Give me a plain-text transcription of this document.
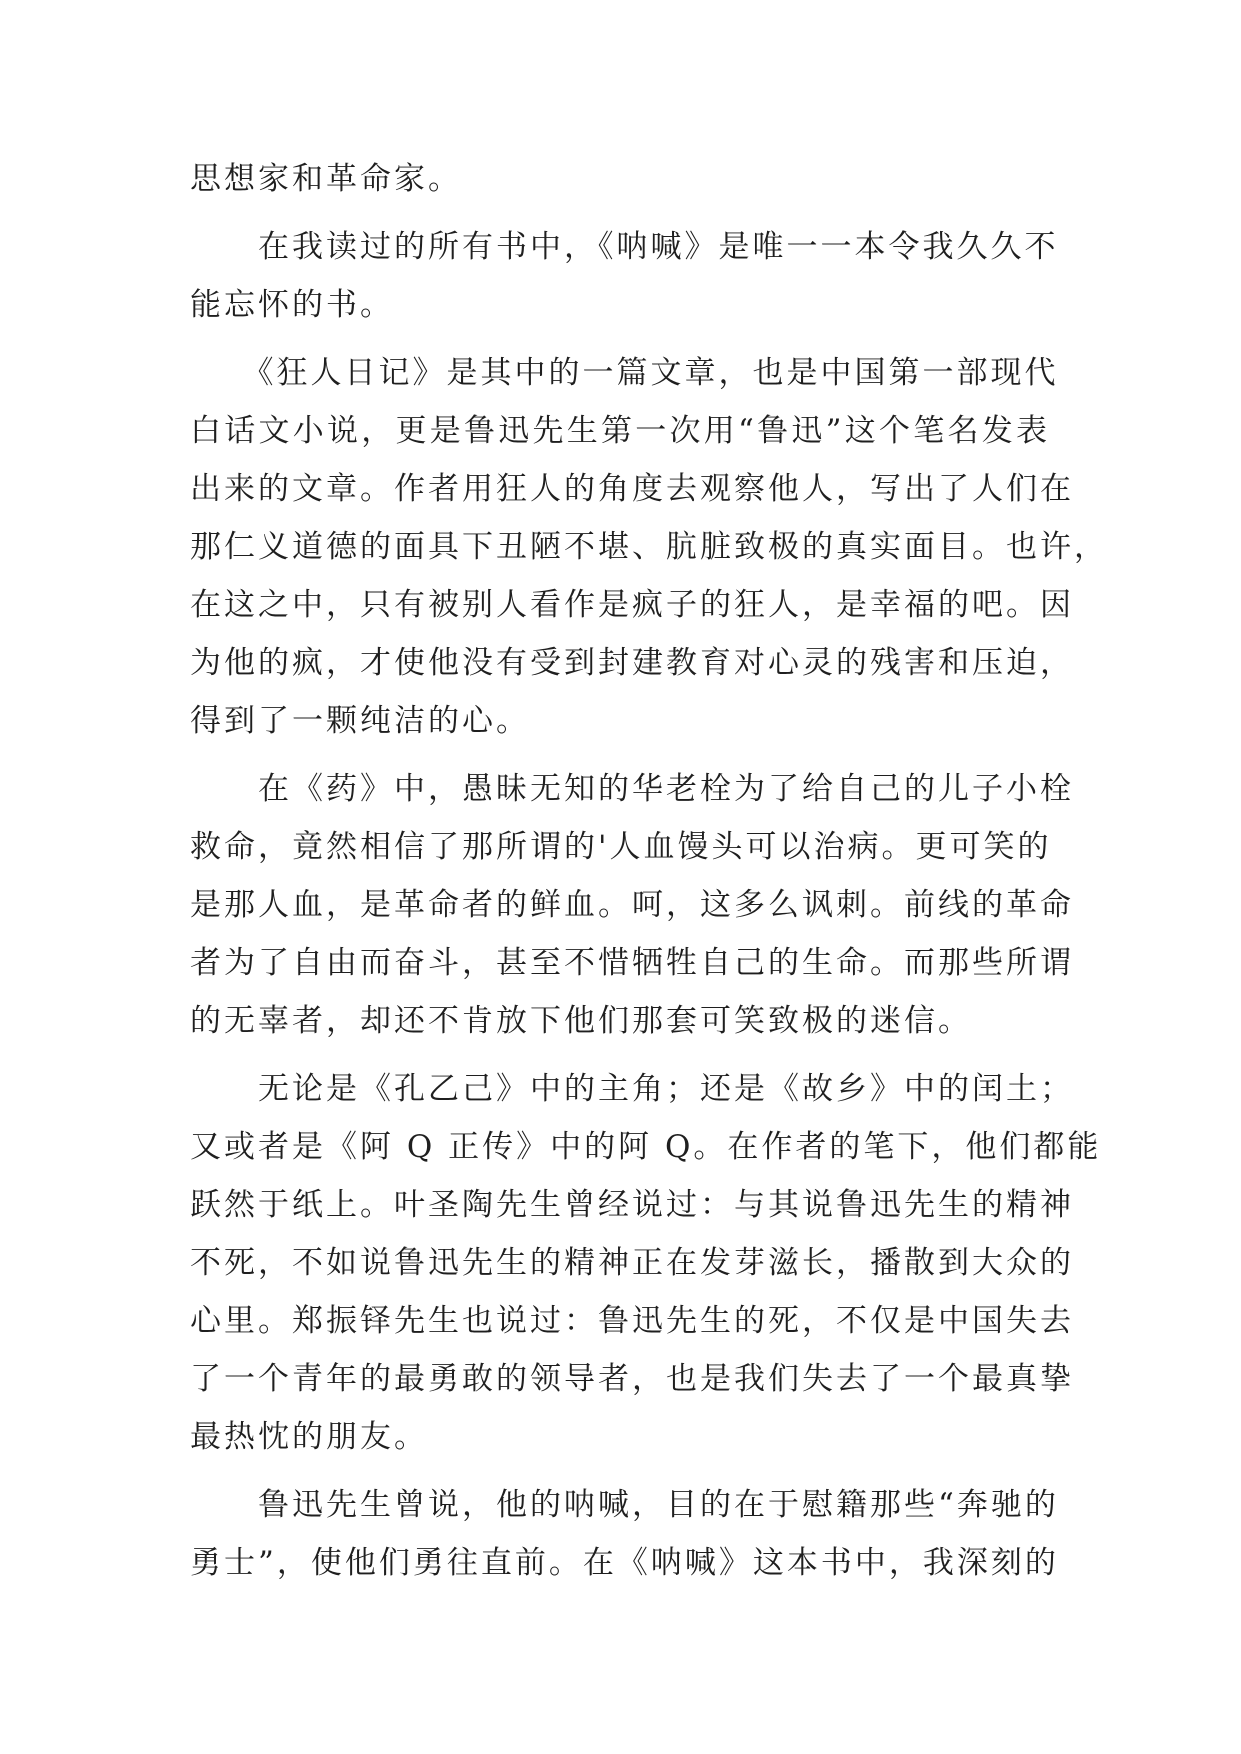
思想家和革命家。
　　在我读过的所有书中，《呐喊》是唯一一本令我久久不
能忘怀的书。
　　《狂人日记》是其中的一篇文章，也是中国第一部现代
白话文小说，更是鲁迅先生第一次用“鲁迅”这个笔名发表
出来的文章。作者用狂人的角度去观察他人，写出了人们在
那仁义道德的面具下丑陋不堪、肮脏致极的真实面目。也许，
在这之中，只有被别人看作是疯子的狂人，是幸福的吧。因
为他的疯，才使他没有受到封建教育对心灵的残害和压迫，
得到了一颗纯洁的心。
　　在《药》中，愚昧无知的华老栓为了给自己的儿子小栓
救命，竟然相信了那所谓的'人血馒头可以治病。更可笑的
是那人血，是革命者的鲜血。呵，这多么讽刺。前线的革命
者为了自由而奋斗，甚至不惜牺牲自己的生命。而那些所谓
的无辜者，却还不肯放下他们那套可笑致极的迷信。
　　无论是《孔乙己》中的主角；还是《故乡》中的闰土；
又或者是《阿 Q 正传》中的阿 Q。在作者的笔下，他们都能
跃然于纸上。叶圣陶先生曾经说过：与其说鲁迅先生的精神
不死，不如说鲁迅先生的精神正在发芽滋长，播散到大众的
心里。郑振铎先生也说过：鲁迅先生的死，不仅是中国失去
了一个青年的最勇敢的领导者，也是我们失去了一个最真挚
最热忱的朋友。
　　鲁迅先生曾说，他的呐喊，目的在于慰籍那些“奔驰的
勇士”，使他们勇往直前。在《呐喊》这本书中，我深刻的
